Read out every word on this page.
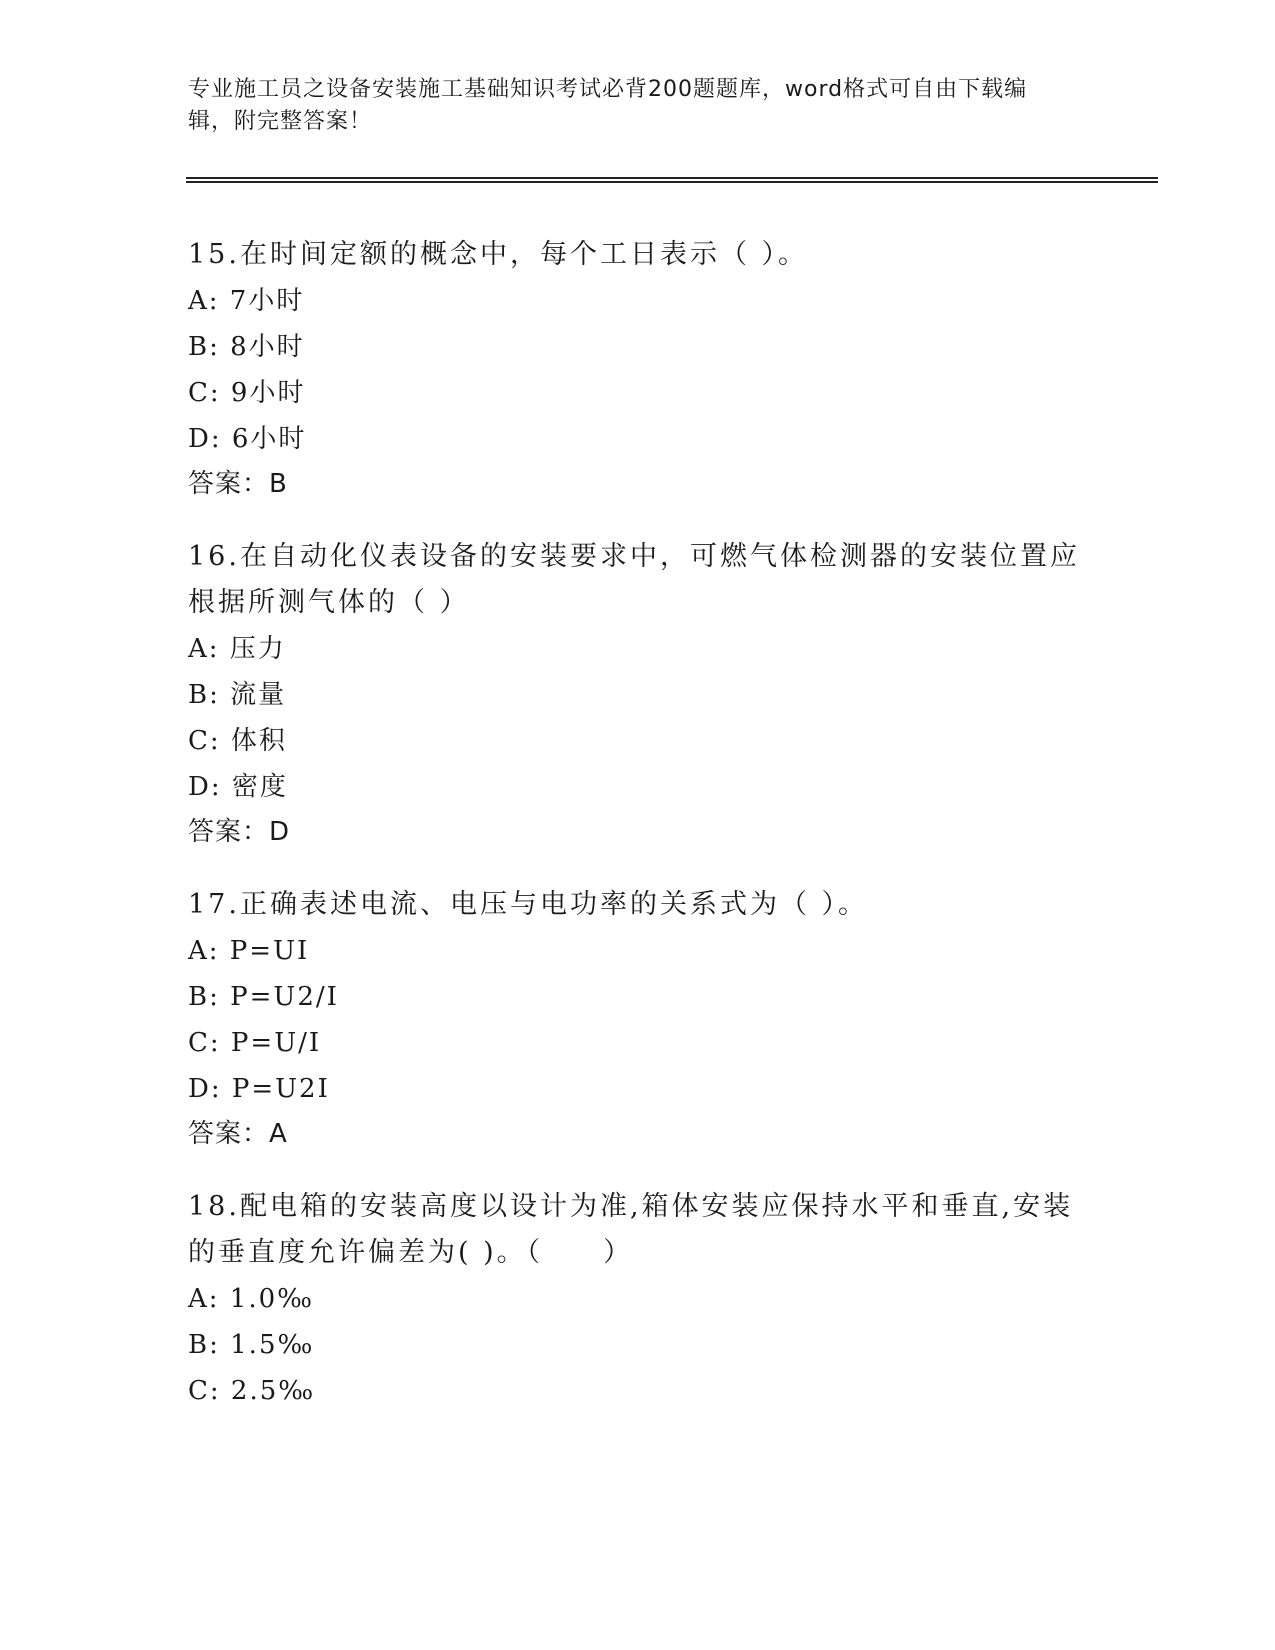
专业施工员之设备安装施工基础知识考试必背200题题库，word格式可自由下载编辑，附完整答案！

15.在时间定额的概念中，每个工日表示（ ）。

A: 7小时

B: 8小时

C: 9小时

D: 6小时

答案：B

16.在自动化仪表设备的安装要求中，可燃气体检测器的安装位置应根据所测气体的（ ）

A: 压力

B: 流量

C: 体积

D: 密度

答案：D

17.正确表述电流、电压与电功率的关系式为（ ）。

A: P=UI

B: P=U2/I

C: P=U/I

D: P=U2I

答案：A

18.配电箱的安装高度以设计为准,箱体安装应保持水平和垂直,安装的垂直度允许偏差为( )。（　　）

A: 1.0‰

B: 1.5‰

C: 2.5‰
